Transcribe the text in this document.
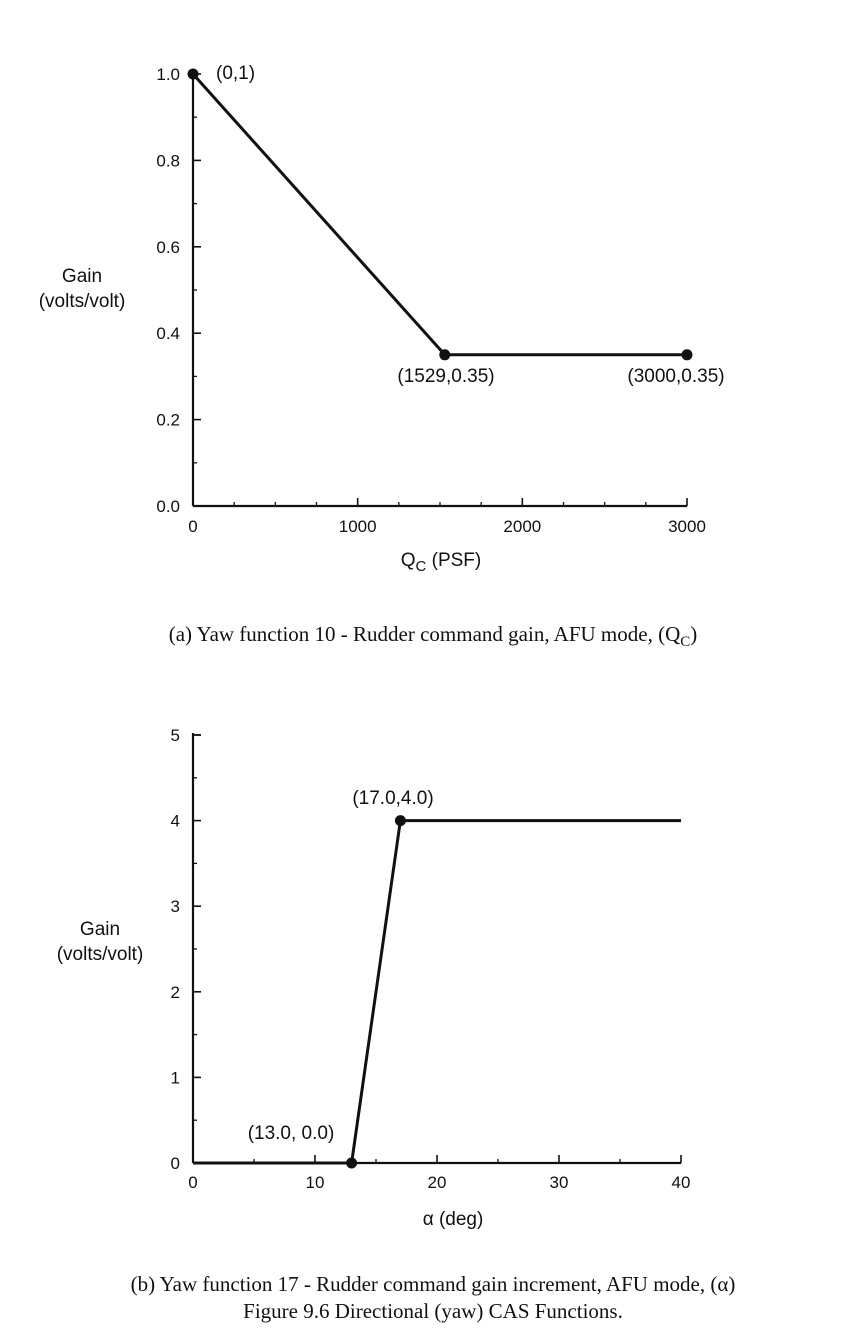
0	1000	2000	3000
0.0
0.2
0.4
0.6
0.8
1.0
Gain
(volts/volt)
$Q_C$ (PSF)
(0,1)
(1529,0.35)	(3000,0.35)
(a) Yaw function 10 - Rudder command gain, AFU mode, $(Q_C)$
0	10	20	30	40
0
1
2
3
4
5
Gain
(volts/volt)
α (deg)
(17.0,4.0)
(13.0, 0.0)
(b) Yaw function 17 - Rudder command gain increment, AFU mode, (α)
Figure 9.6 Directional (yaw) CAS Functions.
